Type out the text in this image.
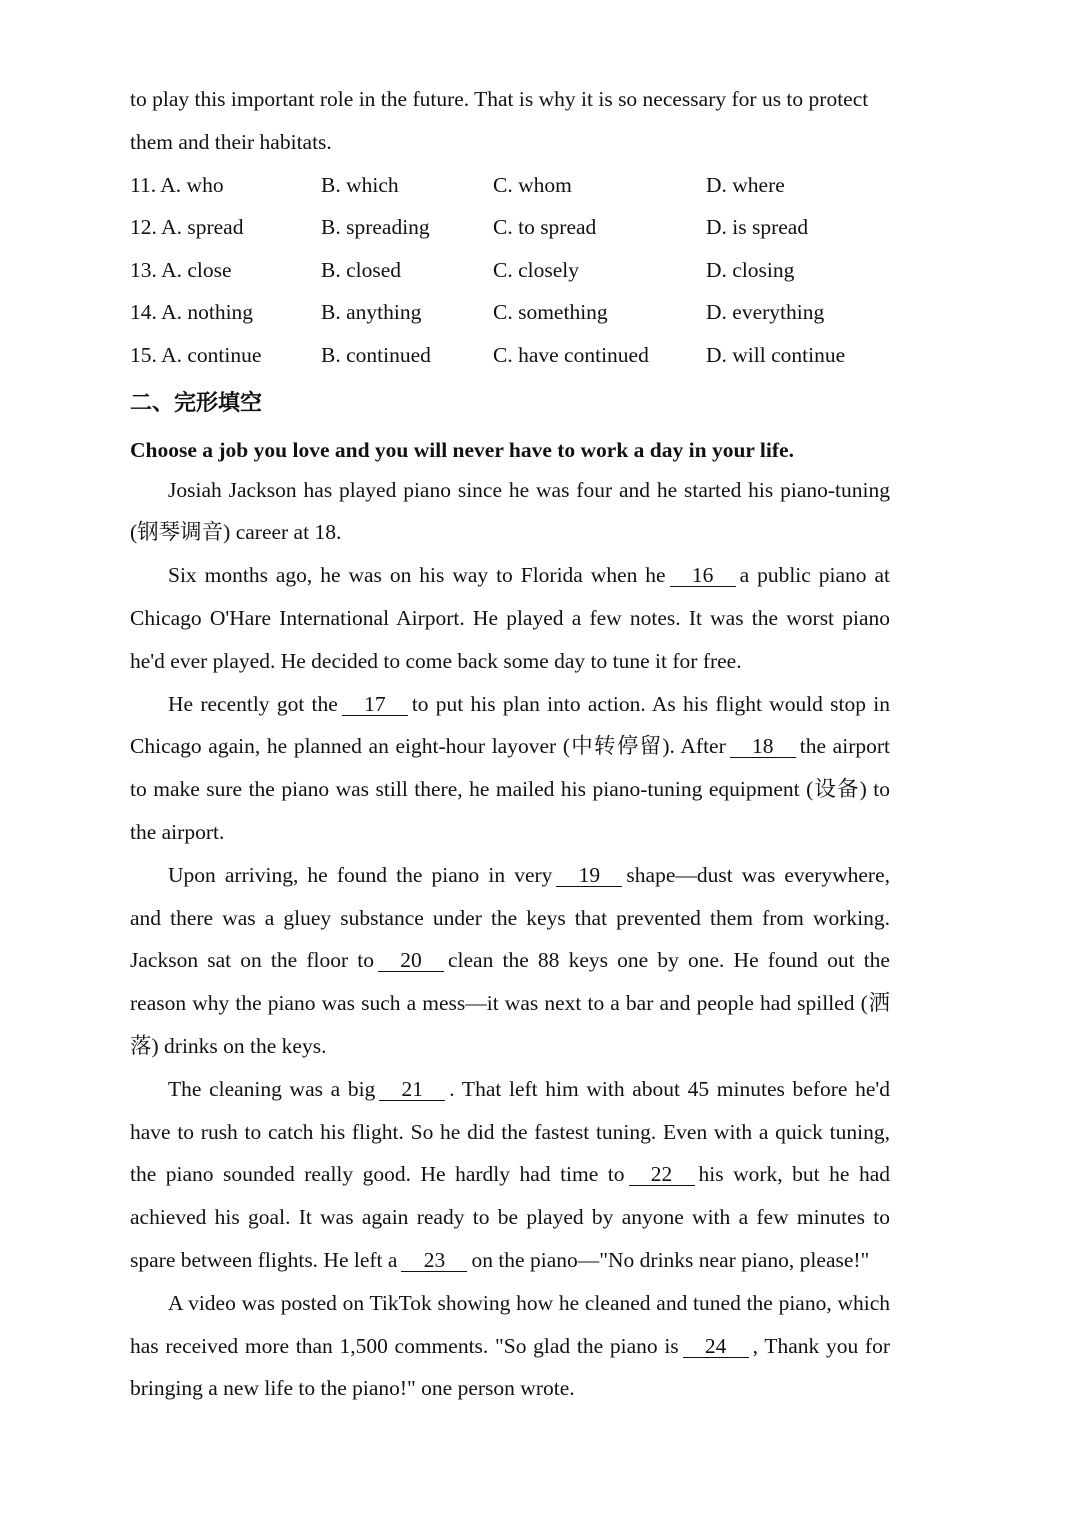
to play this important role in the future. That is why it is so necessary for us to protect
them and their habitats.

11. A. who	B. which	C. whom	D. where
12. A. spread	B. spreading	C. to spread	D. is spread
13. A. close	B. closed	C. closely	D. closing
14. A. nothing	B. anything	C. something	D. everything
15. A. continue	B. continued	C. have continued	D. will continue

二、完形填空

Choose a job you love and you will never have to work a day in your life.

Josiah Jackson has played piano since he was four and he started his piano-tuning (钢琴调音) career at 18.

Six months ago, he was on his way to Florida when he 16 a public piano at Chicago O'Hare International Airport. He played a few notes. It was the worst piano he'd ever played. He decided to come back some day to tune it for free.

He recently got the 17 to put his plan into action. As his flight would stop in Chicago again, he planned an eight-hour layover (中转停留). After 18 the airport to make sure the piano was still there, he mailed his piano-tuning equipment (设备) to the airport.

Upon arriving, he found the piano in very 19 shape—dust was everywhere, and there was a gluey substance under the keys that prevented them from working. Jackson sat on the floor to 20 clean the 88 keys one by one. He found out the reason why the piano was such a mess—it was next to a bar and people had spilled (洒落) drinks on the keys.

The cleaning was a big 21 . That left him with about 45 minutes before he'd have to rush to catch his flight. So he did the fastest tuning. Even with a quick tuning, the piano sounded really good. He hardly had time to 22 his work, but he had achieved his goal. It was again ready to be played by anyone with a few minutes to spare between flights. He left a 23 on the piano—"No drinks near piano, please!"

A video was posted on TikTok showing how he cleaned and tuned the piano, which has received more than 1,500 comments. "So glad the piano is 24 , Thank you for bringing a new life to the piano!" one person wrote.
